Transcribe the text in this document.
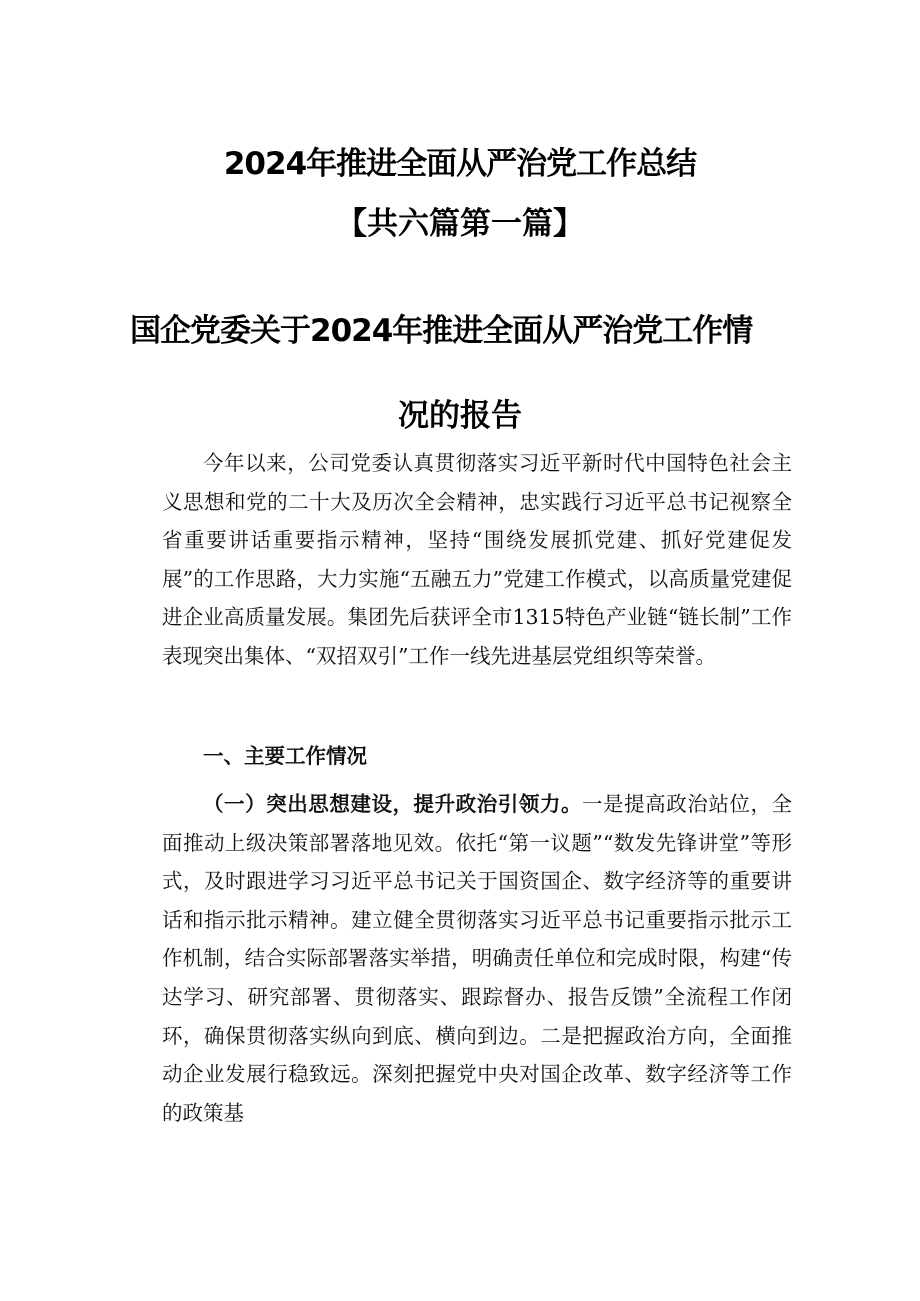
2024年推进全面从严治党工作总结
【共六篇第一篇】
国企党委关于2024年推进全面从严治党工作情
况的报告

今年以来，公司党委认真贯彻落实习近平新时代中国特色社会主义思想和党的二十大及历次全会精神，忠实践行习近平总书记视察全省重要讲话重要指示精神，坚持“围绕发展抓党建、抓好党建促发展”的工作思路，大力实施“五融五力”党建工作模式，以高质量党建促进企业高质量发展。集团先后获评全市1315特色产业链“链长制”工作表现突出集体、“双招双引”工作一线先进基层党组织等荣誉。

一、主要工作情况

（一）突出思想建设，提升政治引领力。一是提高政治站位，全面推动上级决策部署落地见效。依托“第一议题”“数发先锋讲堂”等形式，及时跟进学习习近平总书记关于国资国企、数字经济等的重要讲话和指示批示精神。建立健全贯彻落实习近平总书记重要指示批示工作机制，结合实际部署落实举措，明确责任单位和完成时限，构建“传达学习、研究部署、贯彻落实、跟踪督办、报告反馈”全流程工作闭环，确保贯彻落实纵向到底、横向到边。二是把握政治方向，全面推动企业发展行稳致远。深刻把握党中央对国企改革、数字经济等工作的政策基
